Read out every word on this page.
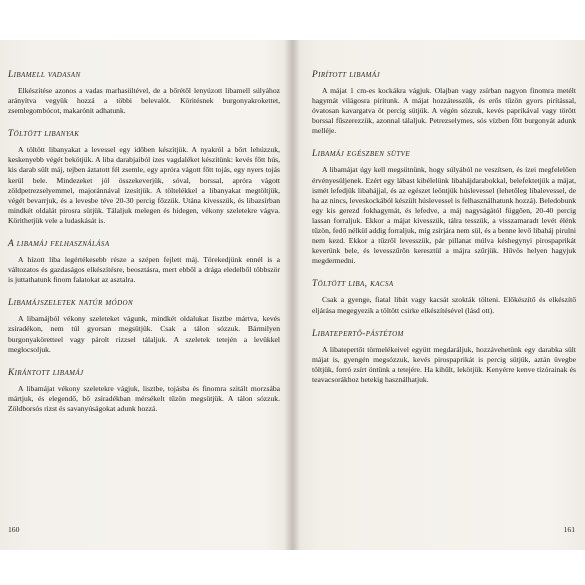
Libamell vadasan
Elkészítése azonos a vadas marhasültével, de a bőrétől lenyúzott libamell súlyához arányítva vegyük hozzá a többi belevalót. Köritésnek burgonyakrokettet, zsemlegombócot, makarónit adhatunk.
Töltött libanyak
A töltött libanyakat a levessel egy időben készítjük. A nyakról a bőrt lehúzzuk, keskenyebb végét bekötjük. A liba darabjaiból ízes vagdaléket készítünk: kevés főtt hús, kis darab sült máj, tejben áztatott fél zsemle, egy apróra vágott főtt tojás, egy nyers tojás kerül bele. Mindezeket jól összekeverjük, sóval, borssal, apróra vágott zöldpetrezselyemmel, majoránnával ízesítjük. A töltelékkel a libanyakat megtöltjük, végét bevarrjuk, és a levesbe téve 20-30 percig főzzük. Utána kivesszük, és libazsírban mindkét oldalát pirosra sütjük. Tálaljuk melegen és hidegen, vékony szeletekre vágva. Körithetjük vele a ludaskását is.
A libamáj felhasználása
A hízott liba legértékesebb része a szépen fejlett máj. Törekedjünk ennél is a változatos és gazdaságos elkészítésre, beosztásra, mert ebből a drága eledelből többször is juttathatunk finom falatokat az asztalra.
Libamájszeletek natúr módon
A libamájból vékony szeleteket vágunk, mindkét oldalukat lisztbe mártva, kevés zsiradékon, nem túl gyorsan megsütjük. Csak a tálon sózzuk. Bármilyen burgonyaköretteel vagy párolt rizzsel tálaljuk. A szeletek tetején a levükkel meglocsoljuk.
Kirántott libamáj
A libamájat vékony szeletekre vágjuk, lisztbe, tojásba és finomra szitált morzsába mártjuk, és elegendő, bő zsiradékban mérsékelt tűzön megsütjük. A tálon sózzuk. Zöldborsós rizst és savanyúságokat adunk hozzá.
160
Pirított libamáj
A májat 1 cm-es kockákra vágjuk. Olajban vagy zsírban nagyon finomra metélt hagymát világosra pirítunk. A májat hozzátesszük, és erős tűzön gyors pirítással, óvatosan kavargatva öt percig sütjük. A végén sózzuk, kevés paprikával vagy törött borssal fűszerezzük, azonnal tálaljuk. Petrezselymes, sós vízben főtt burgonyát adunk melléje.
Libamáj egészben sütve
A libamájat úgy kell megsütnünk, hogy súlyából ne veszítsen, és ízei megfelelően érvényesüljenek. Ezért egy lábast kibélelünk libahájdarabokkal, belefektetjük a májat, ismét lefedjük libahájjal, és az egészet leöntjük húslevessel (lehetőleg libalevessel, de ha az nincs, leveskockából készült húslevessel is felhasználhatunk hozzá). Beledobunk egy kis gerezd fokhagymát, és lefedve, a máj nagyságától függően, 20-40 percig lassan forraljuk. Ekkor a májat kivesszük, tálra tesszük, a visszamaradt levét élénk tűzön, fedő nélkül addig forraljuk, míg zsírjára nem sül, és a benne levő libaháj pirulni nem kezd. Ekkor a tűzről levesszük, pár pillanat múlva késhegynyi pirospaprikát keverünk bele, és levesszűrőn keresztül a májra szűrjük. Hűvös helyen hagyjuk megdermedni.
Töltött liba, kacsa
Csak a gyenge, fiatal libát vagy kacsát szokták tölteni. Előkészítő és elkészítő eljárása megegyezik a töltött csirke elkészítésével (lásd ott).
Libatepertő-pástétom
A libatepertőt törmelékeivel együtt megdaráljuk, hozzávehetünk egy darabka sült májat is, gyengén megsózzuk, kevés pirospaprikát is percig sütjük, aztán üvegbe töltjük, forró zsírt öntünk a tetejére. Ha kihűlt, lekötjük. Kenyérre kenve tízórainak és teavacsorákhoz hetekig használhatjuk.
161
